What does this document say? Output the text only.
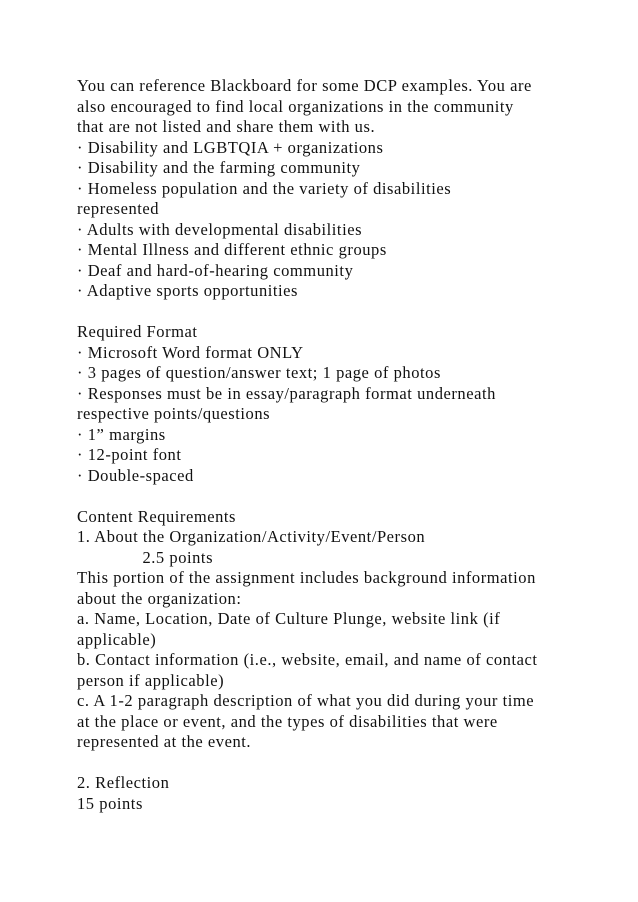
You can reference Blackboard for some DCP examples. You are
also encouraged to find local organizations in the community
that are not listed and share them with us.
· Disability and LGBTQIA + organizations
· Disability and the farming community
· Homeless population and the variety of disabilities
represented
· Adults with developmental disabilities
· Mental Illness and different ethnic groups
· Deaf and hard-of-hearing community
· Adaptive sports opportunities
Required Format
· Microsoft Word format ONLY
· 3 pages of question/answer text; 1 page of photos
· Responses must be in essay/paragraph format underneath
respective points/questions
· 1” margins
· 12-point font
· Double-spaced
Content Requirements
1. About the Organization/Activity/Event/Person
2.5 points
This portion of the assignment includes background information
about the organization:
a. Name, Location, Date of Culture Plunge, website link (if
applicable)
b. Contact information (i.e., website, email, and name of contact
person if applicable)
c. A 1-2 paragraph description of what you did during your time
at the place or event, and the types of disabilities that were
represented at the event.
2. Reflection
15 points
